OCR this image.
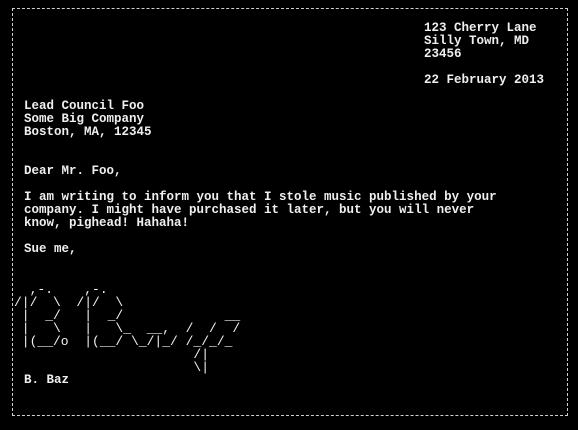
123 Cherry Lane
Silly Town, MD
23456
22 February 2013
Lead Council Foo
Some Big Company
Boston, MA, 12345
Dear Mr. Foo,
I am writing to inform you that I stole music published by your
company. I might have purchased it later, but you will never
know, pighead! Hahaha!
Sue me,
,-.    ,-.
/|/  \  /|/  \
|  _/   |  _/             __
|   \   |   \_  __,  /  /  /
|(__/o  |(__/ \_/|_/ /_/_/_
/|
\|
B. Baz
